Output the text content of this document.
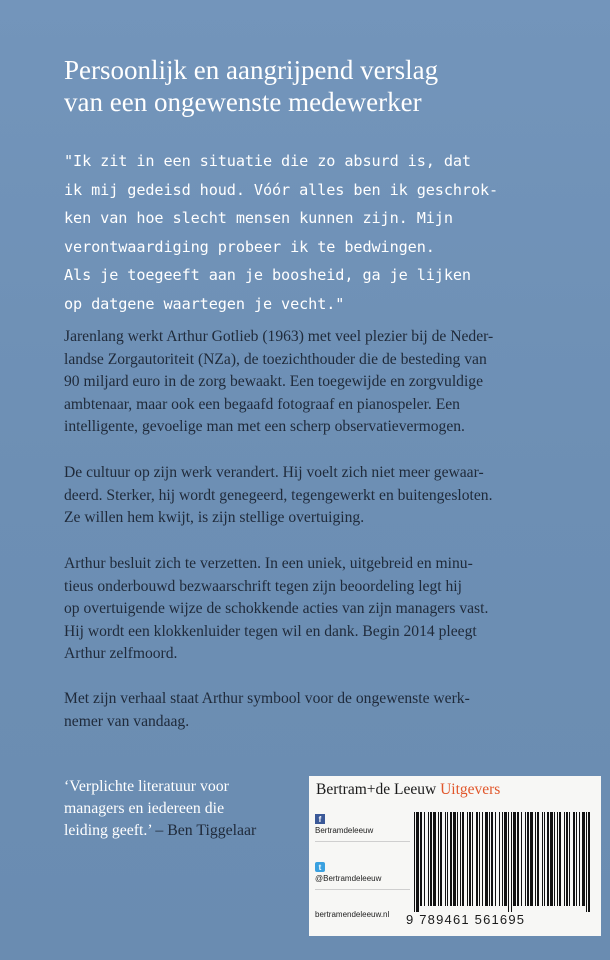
Persoonlijk en aangrijpend verslag
van een ongewenste medewerker
"Ik zit in een situatie die zo absurd is, dat
ik mij gedeisd houd. Vóór alles ben ik geschrok-
ken van hoe slecht mensen kunnen zijn. Mijn
verontwaardiging probeer ik te bedwingen.
Als je toegeeft aan je boosheid, ga je lijken
op datgene waartegen je vecht."
Jarenlang werkt Arthur Gotlieb (1963) met veel plezier bij de Neder-
landse Zorgautoriteit (NZa), de toezichthouder die de besteding van
90 miljard euro in de zorg bewaakt. Een toegewijde en zorgvuldige
ambtenaar, maar ook een begaafd fotograaf en pianospeler. Een
intelligente, gevoelige man met een scherp observatievermogen.
De cultuur op zijn werk verandert. Hij voelt zich niet meer gewaar-
deerd. Sterker, hij wordt genegeerd, tegengewerkt en buitengesloten.
Ze willen hem kwijt, is zijn stellige overtuiging.
Arthur besluit zich te verzetten. In een uniek, uitgebreid en minu-
tieus onderbouwd bezwaarschrift tegen zijn beoordeling legt hij
op overtuigende wijze de schokkende acties van zijn managers vast.
Hij wordt een klokkenluider tegen wil en dank. Begin 2014 pleegt
Arthur zelfmoord.
Met zijn verhaal staat Arthur symbool voor de ongewenste werk-
nemer van vandaag.
‘Verplichte literatuur voor
managers en iedereen die
leiding geeft.’ – Ben Tiggelaar
Bertram+de Leeuw Uitgevers
f
Bertramdeleeuw
t
@Bertramdeleeuw
bertramendeleeuw.nl	9 789461 561695
